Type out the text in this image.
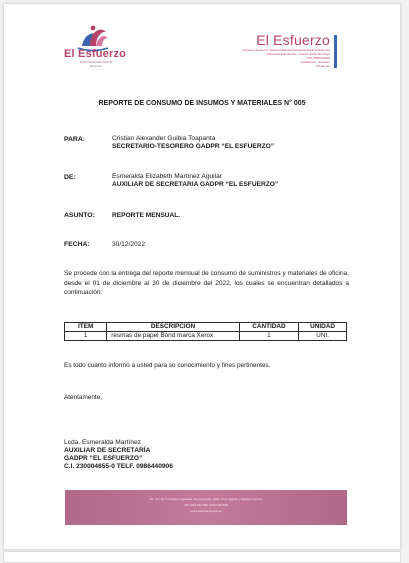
El Esfuerzo
GAD Parroquial Rural El Esfuerzo
El Esfuerzo
Gobierno Autónomo Descentralizado Parroquial Rural El Esfuerzo
Parroquia El Esfuerzo - Cantón Santo Domingo
Telf: 0986440906
El Esfuerzo - Ecuador
Presidente
REPORTE DE CONSUMO DE INSUMOS Y MATERIALES N° 005
PARA:	Cristian Alexander Guibia Toapanta
SECRETARIO-TESORERO GADPR “EL ESFUERZO”
DE:	Esmeralda Elizabeth Martínez Aguilar
AUXILIAR DE SECRETARIA GADPR “EL ESFUERZO”
ASUNTO:	REPORTE MENSUAL.
FECHA:	30/12/2022
Se procede con la entrega del reporte mensual de consumo de suministros y materiales de oficina, desde el 01 de diciembre al 30 de diciembre del 2022, los cuales se encuentran detallados a continuación:
ITEM	DESCRIPCIÓN	CANTIDAD	UNIDAD
1	resmas de papel Bond marca Xerox	1	UNI.
Es todo cuanto informo a usted para su conocimiento y fines pertinentes.
Atentamente,
Lcda. Esmeralda Martínez
AUXILIAR DE SECRETARÍA
GADPR “EL ESFUERZO”
C.I. 230004655-0 TELF. 0986440906
Dir: Km 19 ½ margen izquierdo Vía Quevedo, calle 13 de Agosto y Manuel Carrión
Telf: 023 040 052 / 023 040 366
www.elesfuerzo.gob.ec
